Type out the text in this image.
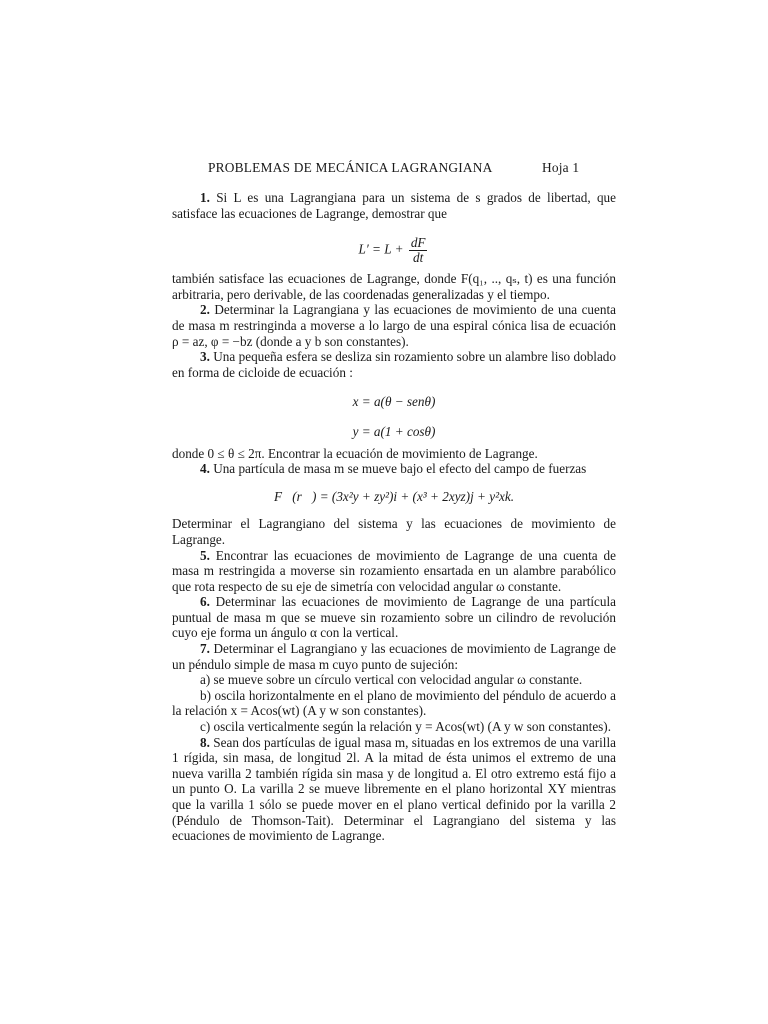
PROBLEMAS DE MECÁNICA LAGRANGIANA	Hoja 1

1. Si L es una Lagrangiana para un sistema de s grados de libertad, que satisface las ecuaciones de Lagrange, demostrar que

$L' = L + \frac{dF}{dt}$

también satisface las ecuaciones de Lagrange, donde F(q₁, .., qₛ, t) es una función arbitraria, pero derivable, de las coordenadas generalizadas y el tiempo.

2. Determinar la Lagrangiana y las ecuaciones de movimiento de una cuenta de masa m restringinda a moverse a lo largo de una espiral cónica lisa de ecuación ρ = az, φ = −bz (donde a y b son constantes).

3. Una pequeña esfera se desliza sin rozamiento sobre un alambre liso doblado en forma de cicloide de ecuación :

x = a(θ − senθ)

y = a(1 + cosθ)

donde 0 ≤ θ ≤ 2π. Encontrar la ecuación de movimiento de Lagrange.

4. Una partícula de masa m se mueve bajo el efecto del campo de fuerzas

F⃗(r⃗) = (3x²y + zy²)i + (x³ + 2xyz)j + y²xk.

Determinar el Lagrangiano del sistema y las ecuaciones de movimiento de Lagrange.

5. Encontrar las ecuaciones de movimiento de Lagrange de una cuenta de masa m restringida a moverse sin rozamiento ensartada en un alambre parabólico que rota respecto de su eje de simetría con velocidad angular ω constante.

6. Determinar las ecuaciones de movimiento de Lagrange de una partícula puntual de masa m que se mueve sin rozamiento sobre un cilindro de revolución cuyo eje forma un ángulo α con la vertical.

7. Determinar el Lagrangiano y las ecuaciones de movimiento de Lagrange de un péndulo simple de masa m cuyo punto de sujeción:

a) se mueve sobre un círculo vertical con velocidad angular ω constante.

b) oscila horizontalmente en el plano de movimiento del péndulo de acuerdo a la relación x = Acos(wt) (A y w son constantes).

c) oscila verticalmente según la relación y = Acos(wt) (A y w son constantes).

8. Sean dos partículas de igual masa m, situadas en los extremos de una varilla 1 rígida, sin masa, de longitud 2l. A la mitad de ésta unimos el extremo de una nueva varilla 2 también rígida sin masa y de longitud a. El otro extremo está fijo a un punto O. La varilla 2 se mueve libremente en el plano horizontal XY mientras que la varilla 1 sólo se puede mover en el plano vertical definido por la varilla 2 (Péndulo de Thomson-Tait). Determinar el Lagrangiano del sistema y las ecuaciones de movimiento de Lagrange.
